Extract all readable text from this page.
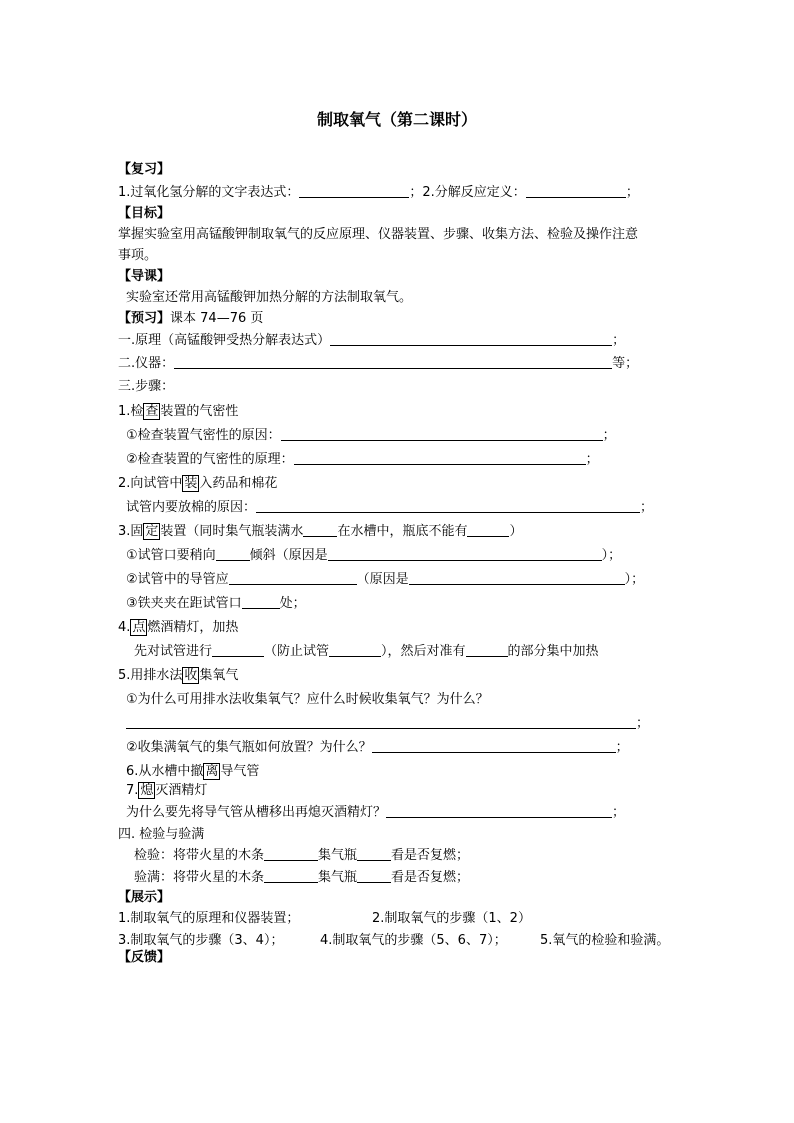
制取氧气（第二课时）
【复习】
1.过氧化氢分解的文字表达式：	；2.分解反应定义：	；
【目标】
掌握实验室用高锰酸钾制取氧气的反应原理、仪器装置、步骤、收集方法、检验及操作注意
事项。
【导课】
实验室还常用高锰酸钾加热分解的方法制取氧气。
【预习】课本 74—76 页
一.原理（高锰酸钾受热分解表达式）	；
二.仪器：	等；
三.步骤：
1.检 查 装置的气密性
①检查装置气密性的原因：	；
②检查装置的气密性的原理：	；
2.向试管中 装 入药品和棉花
试管内要放棉的原因：	；
3.固 定 装置（同时集气瓶装满水	在水槽中，瓶底不能有	）
①试管口要稍向	倾斜（原因是	）；
②试管中的导管应	（原因是	）；
③铁夹夹在距试管口	处；
4. 点 燃酒精灯，加热
先对试管进行	（防止试管	），然后对准有	的部分集中加热
5.用排水法 收 集氧气
①为什么可用排水法收集氧气？应什么时候收集氧气？为什么？
；
②收集满氧气的集气瓶如何放置？为什么？	；
6.从水槽中撤 离 导气管
7. 熄 灭酒精灯
为什么要先将导气管从槽移出再熄灭酒精灯？	；
四. 检验与验满
检验：将带火星的木条	集气瓶	看是否复燃；
验满：将带火星的木条	集气瓶	看是否复燃；
【展示】
1.制取氧气的原理和仪器装置；	2.制取氧气的步骤（1、2）
3.制取氧气的步骤（3、4）；	4.制取氧气的步骤（5、6、7）；	5.氧气的检验和验满。
【反馈】
